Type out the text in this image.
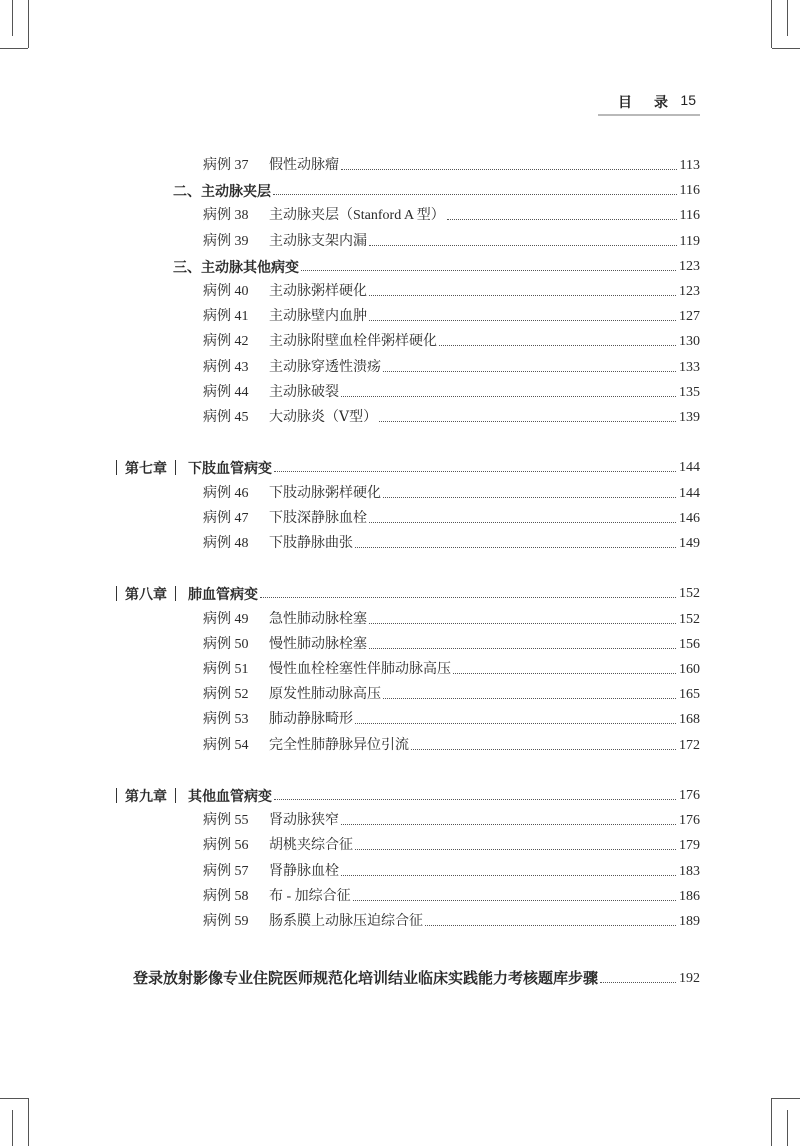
目 录 15
病例 37	假性动脉瘤	113
二、主动脉夹层	116
病例 38	主动脉夹层（Stanford A 型）	116
病例 39	主动脉支架内漏	119
三、主动脉其他病变	123
病例 40	主动脉粥样硬化	123
病例 41	主动脉壁内血肿	127
病例 42	主动脉附壁血栓伴粥样硬化	130
病例 43	主动脉穿透性溃疡	133
病例 44	主动脉破裂	135
病例 45	大动脉炎（Ⅴ型）	139
第七章 下肢血管病变	144
病例 46	下肢动脉粥样硬化	144
病例 47	下肢深静脉血栓	146
病例 48	下肢静脉曲张	149
第八章 肺血管病变	152
病例 49	急性肺动脉栓塞	152
病例 50	慢性肺动脉栓塞	156
病例 51	慢性血栓栓塞性伴肺动脉高压	160
病例 52	原发性肺动脉高压	165
病例 53	肺动静脉畸形	168
病例 54	完全性肺静脉异位引流	172
第九章 其他血管病变	176
病例 55	肾动脉狭窄	176
病例 56	胡桃夹综合征	179
病例 57	肾静脉血栓	183
病例 58	布 - 加综合征	186
病例 59	肠系膜上动脉压迫综合征	189
登录放射影像专业住院医师规范化培训结业临床实践能力考核题库步骤	192
